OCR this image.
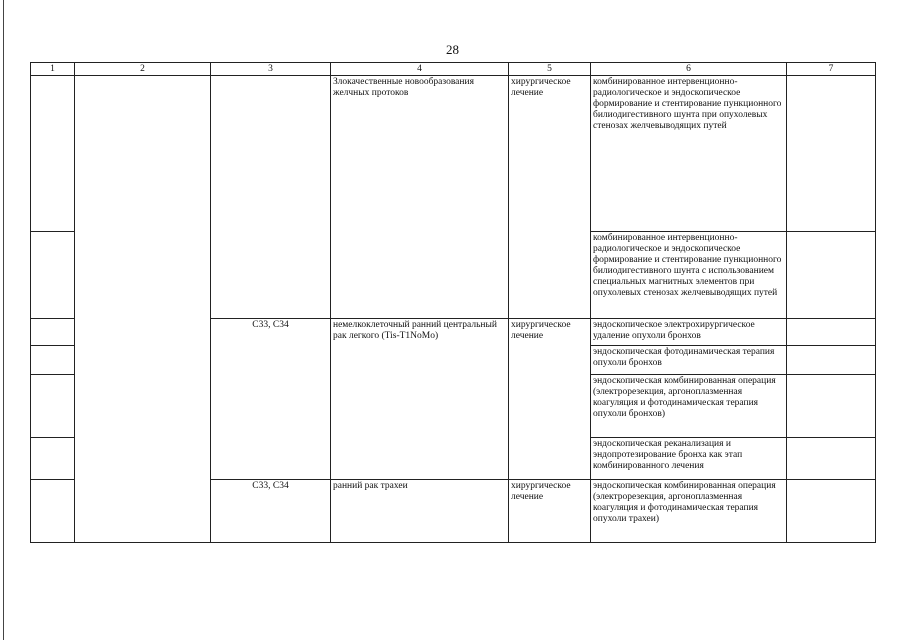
28
1	2	3	4	5	6	7
			Злокачественные новообразования желчных протоков	хирургическое лечение	комбинированное интервенционно-радиологическое и эндоскопическое формирование и стентирование пункционного билиодигестивного шунта при опухолевых стенозах желчевыводящих путей	
					комбинированное интервенционно-радиологическое и эндоскопическое формирование и стентирование пункционного билиодигестивного шунта с использованием специальных магнитных элементов при опухолевых стенозах желчевыводящих путей	
		C33, C34	немелкоклеточный ранний центральный рак легкого (Tis-T1NoMo)	хирургическое лечение	эндоскопическое электрохирургическое удаление опухоли бронхов	
					эндоскопическая фотодинамическая терапия опухоли бронхов	
					эндоскопическая комбинированная операция (электрорезекция, аргоноплазменная коагуляция и фотодинамическая терапия опухоли бронхов)	
					эндоскопическая реканализация и эндопротезирование бронха как этап комбинированного лечения	
		C33, C34	ранний рак трахеи	хирургическое лечение	эндоскопическая комбинированная операция (электрорезекция, аргоноплазменная коагуляция и фотодинамическая терапия опухоли трахеи)	
